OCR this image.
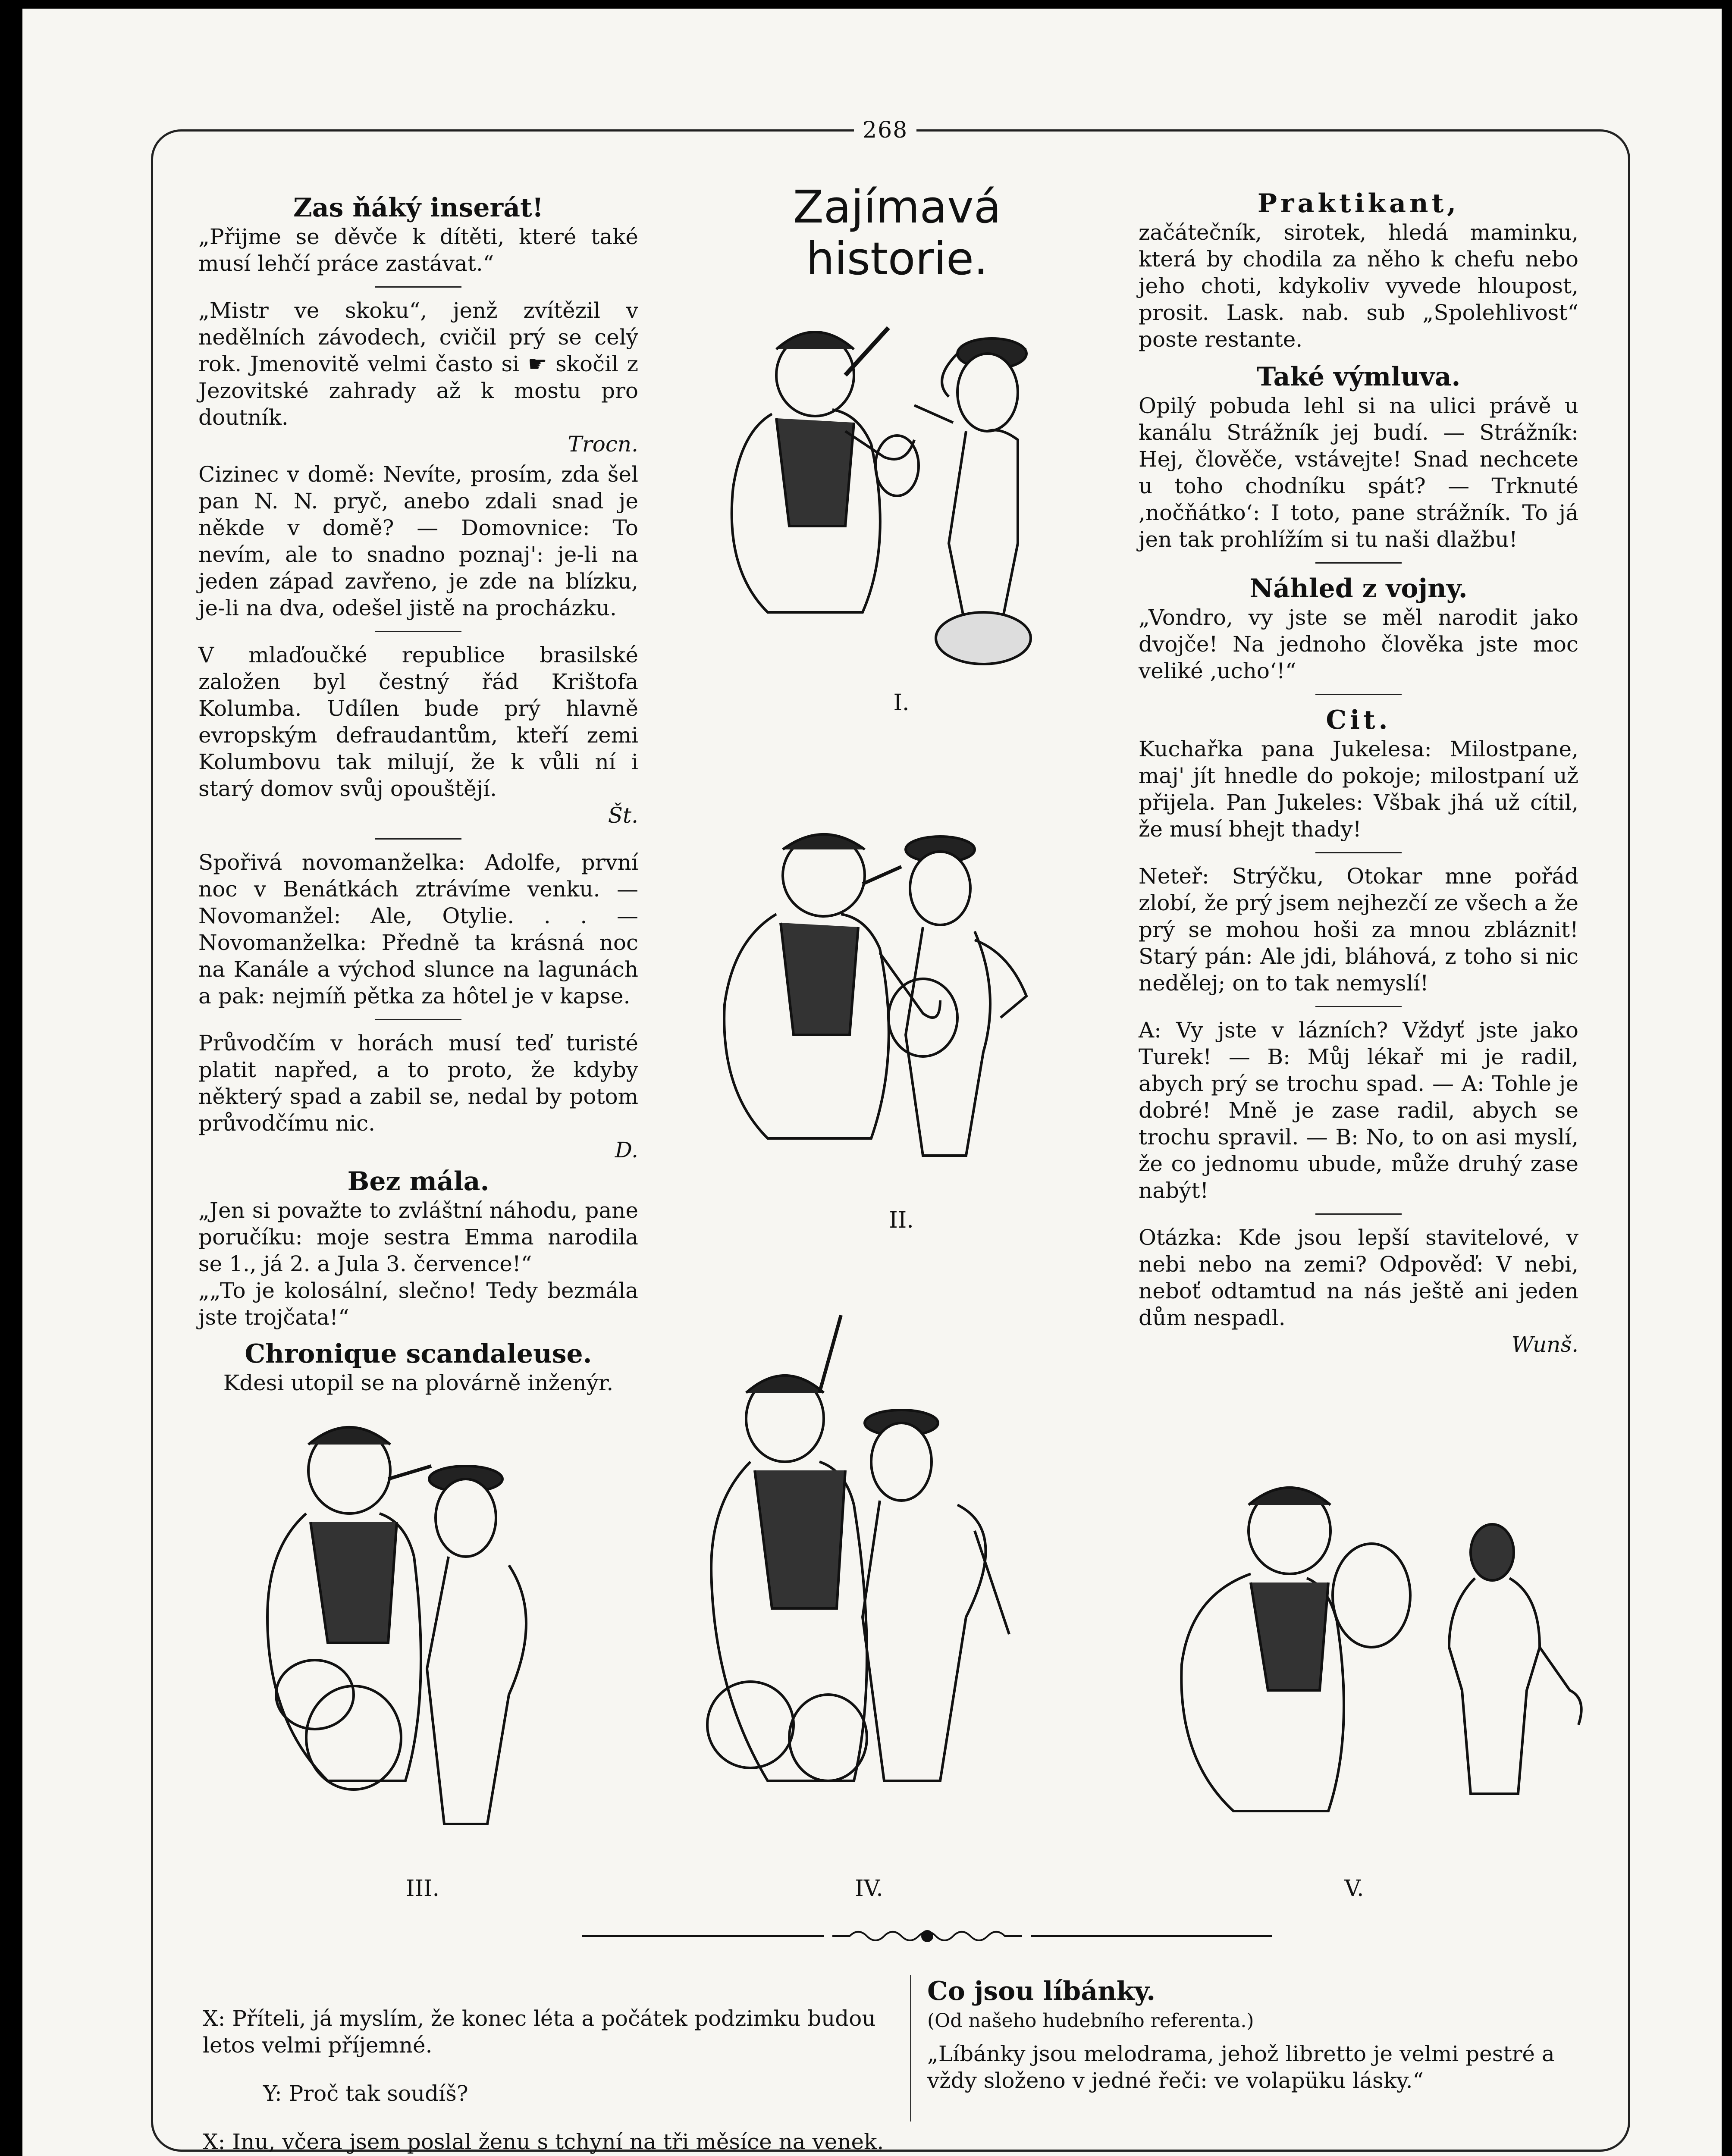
268
Zas ňáký inserát!

„Přijme se děvče k dítěti, které také musí lehčí práce zastávat.“

„Mistr ve skoku“, jenž zvítězil v nedělních závodech, cvičil prý se celý rok. Jmenovitě velmi často si ☛ skočil z Jezovitské zahrady až k mostu pro doutník.

Trocn.

Cizinec v domě: Nevíte, prosím, zda šel pan N. N. pryč, anebo zdali snad je někde v domě? — Domovnice: To nevím, ale to snadno poznaj': je-li na jeden západ zavřeno, je zde na blízku, je-li na dva, odešel jistě na procházku.

V mlaďoučké republice brasilské založen byl čestný řád Krištofa Kolumba. Udílen bude prý hlavně evropským defraudantům, kteří zemi Kolumbovu tak milují, že k vůli ní i starý domov svůj opouštějí.

Št.

Spořivá novomanželka: Adolfe, první noc v Benátkách ztrávíme venku. — Novomanžel: Ale, Otylie. . . — Novomanželka: Předně ta krásná noc na Kanále a východ slunce na lagunách a pak: nejmíň pětka za hôtel je v kapse.

Průvodčím v horách musí teď turisté platit napřed, a to proto, že kdyby některý spad a zabil se, nedal by potom průvodčímu nic.

D.

Bez mála.

„Jen si považte to zvláštní náhodu, pane poručíku: moje sestra Emma narodila se 1., já 2. a Jula 3. července!“

„„To je kolosální, slečno! Tedy bezmála jste trojčata!“

Chronique scandaleuse.

Kdesi utopil se na plovárně inženýr.

Zajímavá historie.
I.
II.
Praktikant,

začátečník, sirotek, hledá maminku, která by chodila za něho k chefu nebo jeho choti, kdykoliv vyvede hloupost, prosit. Lask. nab. sub „Spolehlivost“ poste restante.

Také výmluva.

Opilý pobuda lehl si na ulici právě u kanálu Strážník jej budí. — Strážník: Hej, člověče, vstávejte! Snad nechcete u toho chodníku spát? — Trknuté ,nočňátko‘: I toto, pane strážník. To já jen tak prohlížím si tu naši dlažbu!

Náhled z vojny.

„Vondro, vy jste se měl narodit jako dvojče! Na jednoho člověka jste moc veliké ,ucho‘!“

Cit.

Kuchařka pana Jukelesa: Milostpane, maj' jít hnedle do pokoje; milostpaní už přijela. Pan Jukeles: Všbak jhá už cítil, že musí bhejt thady!

Neteř: Strýčku, Otokar mne pořád zlobí, že prý jsem nejhezčí ze všech a že prý se mohou hoši za mnou zbláznit! Starý pán: Ale jdi, bláhová, z toho si nic nedělej; on to tak nemyslí!

A: Vy jste v lázních? Vždyť jste jako Turek! — B: Můj lékař mi je radil, abych prý se trochu spad. — A: Tohle je dobré! Mně je zase radil, abych se trochu spravil. — B: No, to on asi myslí, že co jednomu ubude, může druhý zase nabýt!

Otázka: Kde jsou lepší stavitelové, v nebi nebo na zemi? Odpověď: V nebi, neboť odtamtud na nás ještě ani jeden dům nespadl.

Wunš.

III.	IV.	V.

X: Příteli, já myslím, že konec léta a počátek podzimku budou letos velmi příjemné.

Y: Proč tak soudíš?

X: Inu, včera jsem poslal ženu s tchyní na tři měsíce na venek.

Co jsou líbánky.
(Od našeho hudebního referenta.)

„Líbánky jsou melodrama, jehož libretto je velmi pestré a vždy složeno v jedné řeči: ve volapüku lásky.“
